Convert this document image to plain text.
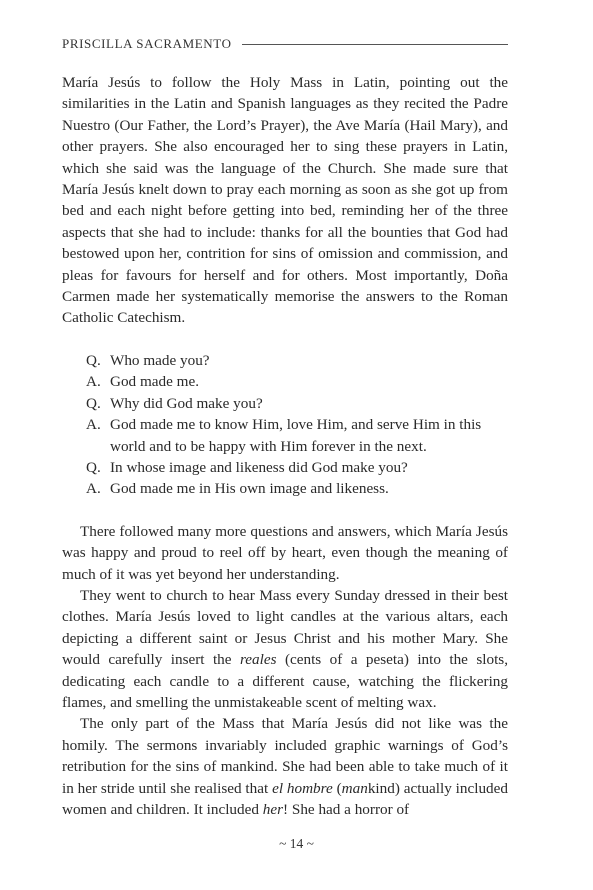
PRISCILLA SACRAMENTO

María Jesús to follow the Holy Mass in Latin, pointing out the similarities in the Latin and Spanish languages as they recited the Padre Nuestro (Our Father, the Lord’s Prayer), the Ave María (Hail Mary), and other prayers. She also encouraged her to sing these prayers in Latin, which she said was the language of the Church. She made sure that María Jesús knelt down to pray each morning as soon as she got up from bed and each night before getting into bed, reminding her of the three aspects that she had to include: thanks for all the bounties that God had bestowed upon her, contrition for sins of omission and commission, and pleas for favours for herself and for others. Most importantly, Doña Carmen made her systematically memorise the answers to the Roman Catholic Catechism.

Q. Who made you?
A. God made me.
Q. Why did God make you?
A. God made me to know Him, love Him, and serve Him in this world and to be happy with Him forever in the next.
Q. In whose image and likeness did God make you?
A. God made me in His own image and likeness.

There followed many more questions and answers, which María Jesús was happy and proud to reel off by heart, even though the meaning of much of it was yet beyond her understanding.

They went to church to hear Mass every Sunday dressed in their best clothes. María Jesús loved to light candles at the various altars, each depicting a different saint or Jesus Christ and his mother Mary. She would carefully insert the reales (cents of a peseta) into the slots, dedicating each candle to a different cause, watching the flickering flames, and smelling the unmistakeable scent of melting wax.

The only part of the Mass that María Jesús did not like was the homily. The sermons invariably included graphic warnings of God’s retribution for the sins of mankind. She had been able to take much of it in her stride until she realised that el hombre (mankind) actually included women and children. It included her! She had a horror of

~ 14 ~
